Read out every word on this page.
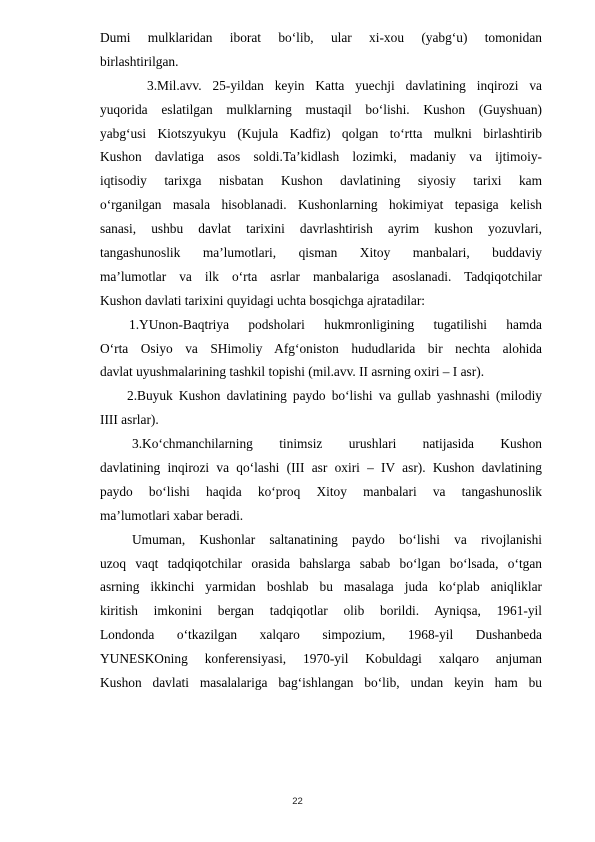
Dumi mulklaridan iborat bo‘lib, ular xi-xou (yabg‘u) tomonidan
birlashtirilgan.
3.Mil.avv. 25-yildan keyin Katta yuechji davlatining inqirozi va
yuqorida eslatilgan mulklarning mustaqil bo‘lishi. Kushon (Guyshuan)
yabg‘usi Kiotszyukyu (Kujula Kadfiz) qolgan to‘rtta mulkni birlashtirib
Kushon davlatiga asos soldi.Ta’kidlash lozimki, madaniy va ijtimoiy-
iqtisodiy tarixga nisbatan Kushon davlatining siyosiy tarixi kam
o‘rganilgan masala hisoblanadi. Kushonlarning hokimiyat tepasiga kelish
sanasi, ushbu davlat tarixini davrlashtirish ayrim kushon yozuvlari,
tangashunoslik ma’lumotlari, qisman Xitoy manbalari, buddaviy
ma’lumotlar va ilk o‘rta asrlar manbalariga asoslanadi. Tadqiqotchilar
Kushon davlati tarixini quyidagi uchta bosqichga ajratadilar:
1.YUnon-Baqtriya podsholari hukmronligining tugatilishi hamda
O‘rta Osiyo va SHimoliy Afg‘oniston hududlarida bir nechta alohida
davlat uyushmalarining tashkil topishi (mil.avv. II asrning oxiri – I asr).
2.Buyuk Kushon davlatining paydo bo‘lishi va gullab yashnashi (milodiy
IIII asrlar).
3.Ko‘chmanchilarning tinimsiz urushlari natijasida Kushon
davlatining inqirozi va qo‘lashi (III asr oxiri – IV asr). Kushon davlatining
paydo bo‘lishi haqida ko‘proq Xitoy manbalari va tangashunoslik
ma’lumotlari xabar beradi.
Umuman, Kushonlar saltanatining paydo bo‘lishi va rivojlanishi
uzoq vaqt tadqiqotchilar orasida bahslarga sabab bo‘lgan bo‘lsada, o‘tgan
asrning ikkinchi yarmidan boshlab bu masalaga juda ko‘plab aniqliklar
kiritish imkonini bergan tadqiqotlar olib borildi. Ayniqsa, 1961-yil
Londonda o‘tkazilgan xalqaro simpozium, 1968-yil Dushanbeda
YUNESKOning konferensiyasi, 1970-yil Kobuldagi xalqaro anjuman
Kushon davlati masalalariga bag‘ishlangan bo‘lib, undan keyin ham bu
22
